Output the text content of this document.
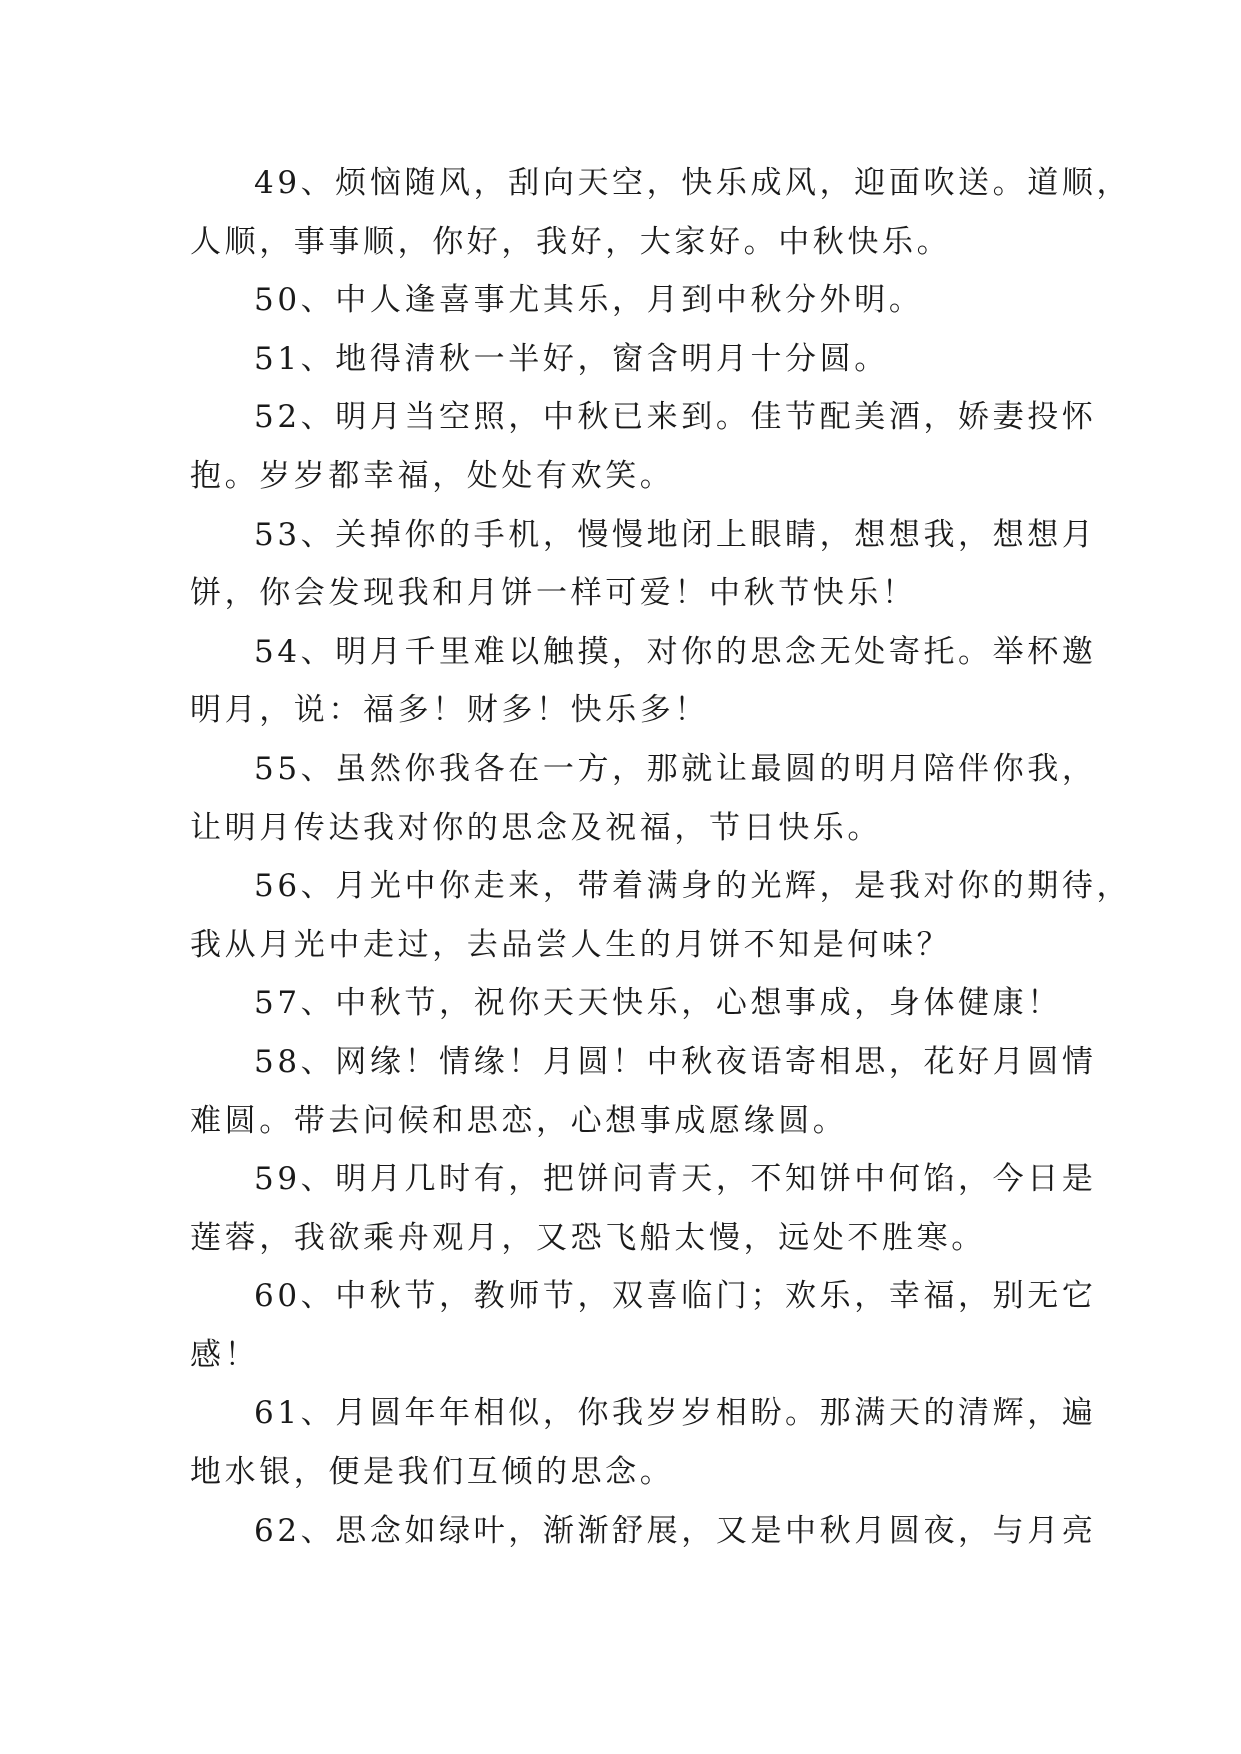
49、烦恼随风，刮向天空，快乐成风，迎面吹送。道顺，
人顺，事事顺，你好，我好，大家好。中秋快乐。

50、中人逢喜事尤其乐，月到中秋分外明。

51、地得清秋一半好，窗含明月十分圆。

52、明月当空照，中秋已来到。佳节配美酒，娇妻投怀
抱。岁岁都幸福，处处有欢笑。

53、关掉你的手机，慢慢地闭上眼睛，想想我，想想月
饼，你会发现我和月饼一样可爱！中秋节快乐！

54、明月千里难以触摸，对你的思念无处寄托。举杯邀
明月，说：福多！财多！快乐多！

55、虽然你我各在一方，那就让最圆的明月陪伴你我，
让明月传达我对你的思念及祝福，节日快乐。

56、月光中你走来，带着满身的光辉，是我对你的期待，
我从月光中走过，去品尝人生的月饼不知是何味？

57、中秋节，祝你天天快乐，心想事成，身体健康！

58、网缘！情缘！月圆！中秋夜语寄相思，花好月圆情
难圆。带去问候和思恋，心想事成愿缘圆。

59、明月几时有，把饼问青天，不知饼中何馅，今日是
莲蓉，我欲乘舟观月，又恐飞船太慢，远处不胜寒。

60、中秋节，教师节，双喜临门；欢乐，幸福，别无它
感！

61、月圆年年相似，你我岁岁相盼。那满天的清辉，遍
地水银，便是我们互倾的思念。

62、思念如绿叶，渐渐舒展，又是中秋月圆夜，与月亮
